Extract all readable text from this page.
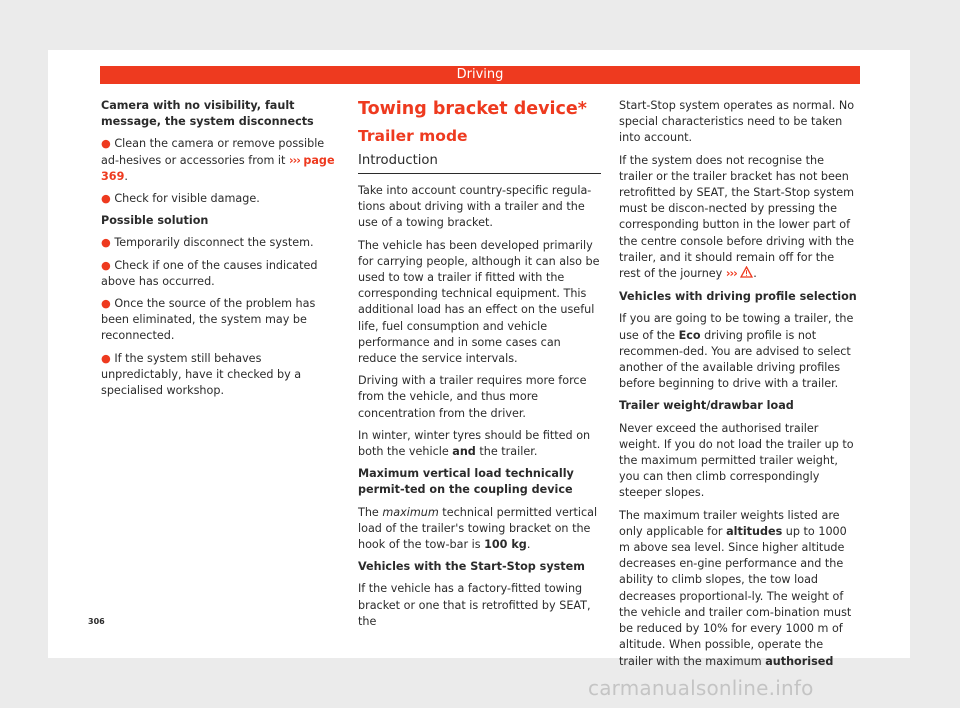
Driving

Camera with no visibility, fault message, the system disconnects

● Clean the camera or remove possible ad-hesives or accessories from it ››› page 369.

● Check for visible damage.

Possible solution

● Temporarily disconnect the system.

● Check if one of the causes indicated above has occurred.

● Once the source of the problem has been eliminated, the system may be reconnected.

● If the system still behaves unpredictably, have it checked by a specialised workshop.

Towing bracket device*
Trailer mode
Introduction

Take into account country-specific regula-tions about driving with a trailer and the use of a towing bracket.

The vehicle has been developed primarily for carrying people, although it can also be used to tow a trailer if fitted with the corresponding technical equipment. This additional load has an effect on the useful life, fuel consumption and vehicle performance and in some cases can reduce the service intervals.

Driving with a trailer requires more force from the vehicle, and thus more concentration from the driver.

In winter, winter tyres should be fitted on both the vehicle and the trailer.

Maximum vertical load technically permit-ted on the coupling device

The maximum technical permitted vertical load of the trailer's towing bracket on the hook of the tow-bar is 100 kg.

Vehicles with the Start-Stop system

If the vehicle has a factory-fitted towing bracket or one that is retrofitted by SEAT, the

Start-Stop system operates as normal. No special characteristics need to be taken into account.

If the system does not recognise the trailer or the trailer bracket has not been retrofitted by SEAT, the Start-Stop system must be discon-nected by pressing the corresponding button in the lower part of the centre console before driving with the trailer, and it should remain off for the rest of the journey ››› .

Vehicles with driving profile selection

If you are going to be towing a trailer, the use of the Eco driving profile is not recommen-ded. You are advised to select another of the available driving profiles before beginning to drive with a trailer.

Trailer weight/drawbar load

Never exceed the authorised trailer weight. If you do not load the trailer up to the maximum permitted trailer weight, you can then climb correspondingly steeper slopes.

The maximum trailer weights listed are only applicable for altitudes up to 1000 m above sea level. Since higher altitude decreases en-gine performance and the ability to climb slopes, the tow load decreases proportional-ly. The weight of the vehicle and trailer com-bination must be reduced by 10% for every 1000 m of altitude. When possible, operate the trailer with the maximum authorised

306
carmanualsonline.info
